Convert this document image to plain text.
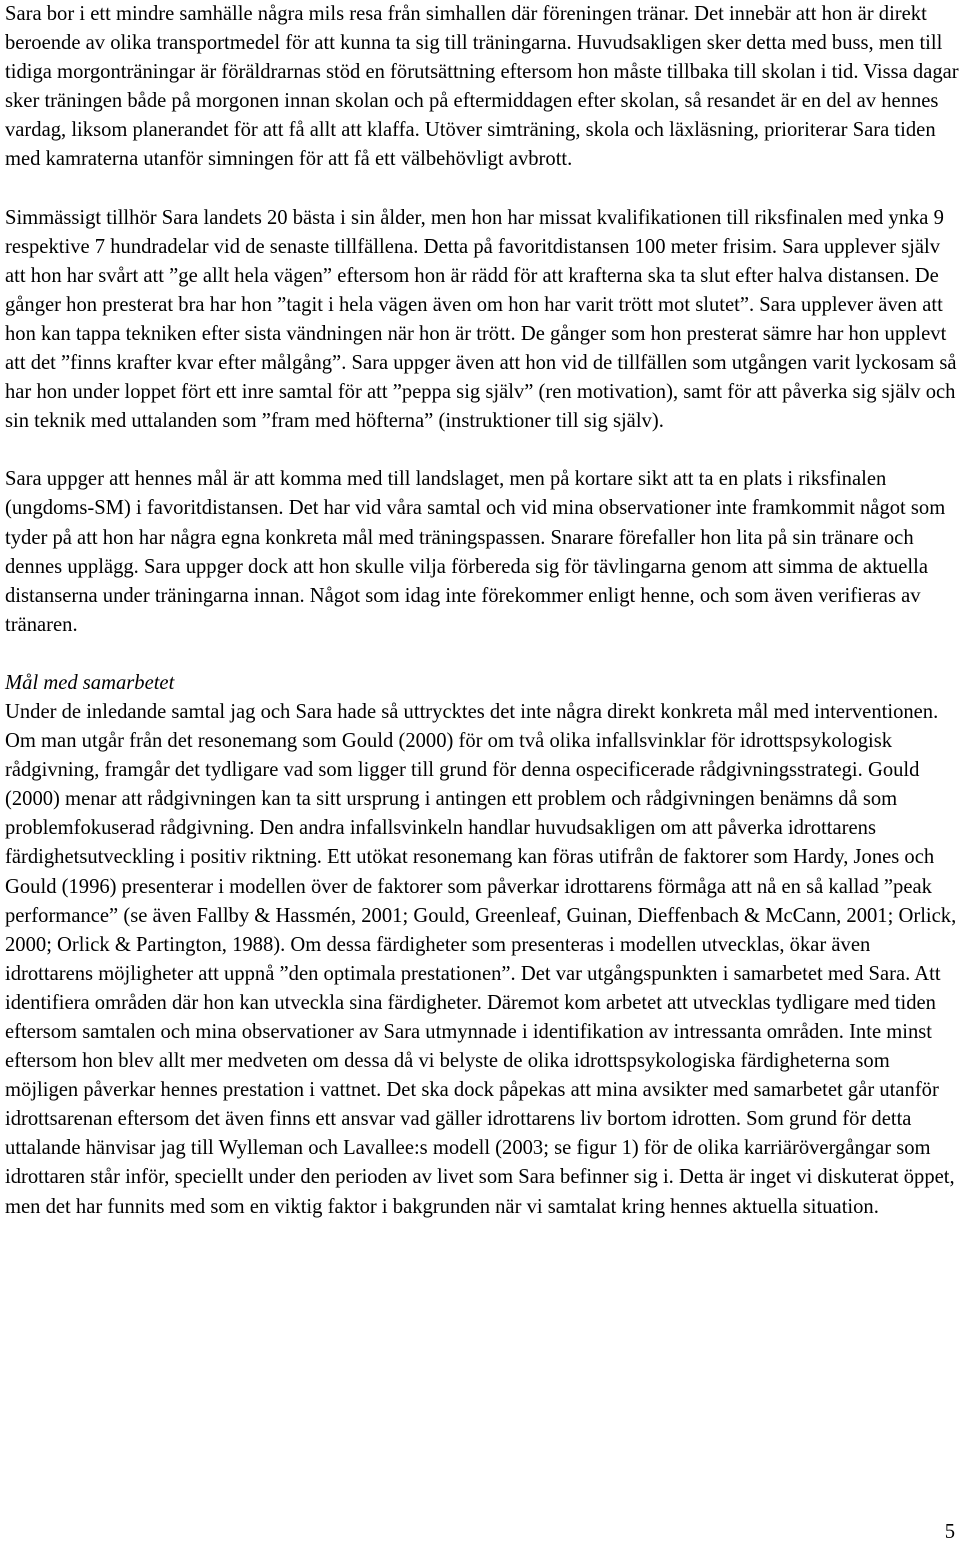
Sara bor i ett mindre samhälle några mils resa från simhallen där föreningen tränar. Det innebär att hon är direkt beroende av olika transportmedel för att kunna ta sig till träningarna. Huvudsakligen sker detta med buss, men till tidiga morgonträningar är föräldrarnas stöd en förutsättning eftersom hon måste tillbaka till skolan i tid. Vissa dagar sker träningen både på morgonen innan skolan och på eftermiddagen efter skolan, så resandet är en del av hennes vardag, liksom planerandet för att få allt att klaffa. Utöver simträning, skola och läxläsning, prioriterar Sara tiden med kamraterna utanför simningen för att få ett välbehövligt avbrott.

Simmässigt tillhör Sara landets 20 bästa i sin ålder, men hon har missat kvalifikationen till riksfinalen med ynka 9 respektive 7 hundradelar vid de senaste tillfällena. Detta på favoritdistansen 100 meter frisim. Sara upplever själv att hon har svårt att ”ge allt hela vägen” eftersom hon är rädd för att krafterna ska ta slut efter halva distansen. De gånger hon presterat bra har hon ”tagit i hela vägen även om hon har varit trött mot slutet”. Sara upplever även att hon kan tappa tekniken efter sista vändningen när hon är trött. De gånger som hon presterat sämre har hon upplevt att det ”finns krafter kvar efter målgång”. Sara uppger även att hon vid de tillfällen som utgången varit lyckosam så har hon under loppet fört ett inre samtal för att ”peppa sig själv” (ren motivation), samt för att påverka sig själv och sin teknik med uttalanden som ”fram med höfterna” (instruktioner till sig själv).

Sara uppger att hennes mål är att komma med till landslaget, men på kortare sikt att ta en plats i riksfinalen (ungdoms-SM) i favoritdistansen. Det har vid våra samtal och vid mina observationer inte framkommit något som tyder på att hon har några egna konkreta mål med träningspassen. Snarare förefaller hon lita på sin tränare och dennes upplägg. Sara uppger dock att hon skulle vilja förbereda sig för tävlingarna genom att simma de aktuella distanserna under träningarna innan. Något som idag inte förekommer enligt henne, och som även verifieras av tränaren.

Mål med samarbetet

Under de inledande samtal jag och Sara hade så uttrycktes det inte några direkt konkreta mål med interventionen. Om man utgår från det resonemang som Gould (2000) för om två olika infallsvinklar för idrottspsykologisk rådgivning, framgår det tydligare vad som ligger till grund för denna ospecificerade rådgivningsstrategi. Gould (2000) menar att rådgivningen kan ta sitt ursprung i antingen ett problem och rådgivningen benämns då som problemfokuserad rådgivning. Den andra infallsvinkeln handlar huvudsakligen om att påverka idrottarens färdighetsutveckling i positiv riktning. Ett utökat resonemang kan föras utifrån de faktorer som Hardy, Jones och Gould (1996) presenterar i modellen över de faktorer som påverkar idrottarens förmåga att nå en så kallad ”peak performance” (se även Fallby & Hassmén, 2001; Gould, Greenleaf, Guinan, Dieffenbach & McCann, 2001; Orlick, 2000; Orlick & Partington, 1988). Om dessa färdigheter som presenteras i modellen utvecklas, ökar även idrottarens möjligheter att uppnå ”den optimala prestationen”. Det var utgångspunkten i samarbetet med Sara. Att identifiera områden där hon kan utveckla sina färdigheter. Däremot kom arbetet att utvecklas tydligare med tiden eftersom samtalen och mina observationer av Sara utmynnade i identifikation av intressanta områden. Inte minst eftersom hon blev allt mer medveten om dessa då vi belyste de olika idrottspsykologiska färdigheterna som möjligen påverkar hennes prestation i vattnet. Det ska dock påpekas att mina avsikter med samarbetet går utanför idrottsarenan eftersom det även finns ett ansvar vad gäller idrottarens liv bortom idrotten. Som grund för detta uttalande hänvisar jag till Wylleman och Lavallee:s modell (2003; se figur 1) för de olika karriärövergångar som idrottaren står inför, speciellt under den perioden av livet som Sara befinner sig i. Detta är inget vi diskuterat öppet, men det har funnits med som en viktig faktor i bakgrunden när vi samtalat kring hennes aktuella situation.

5
